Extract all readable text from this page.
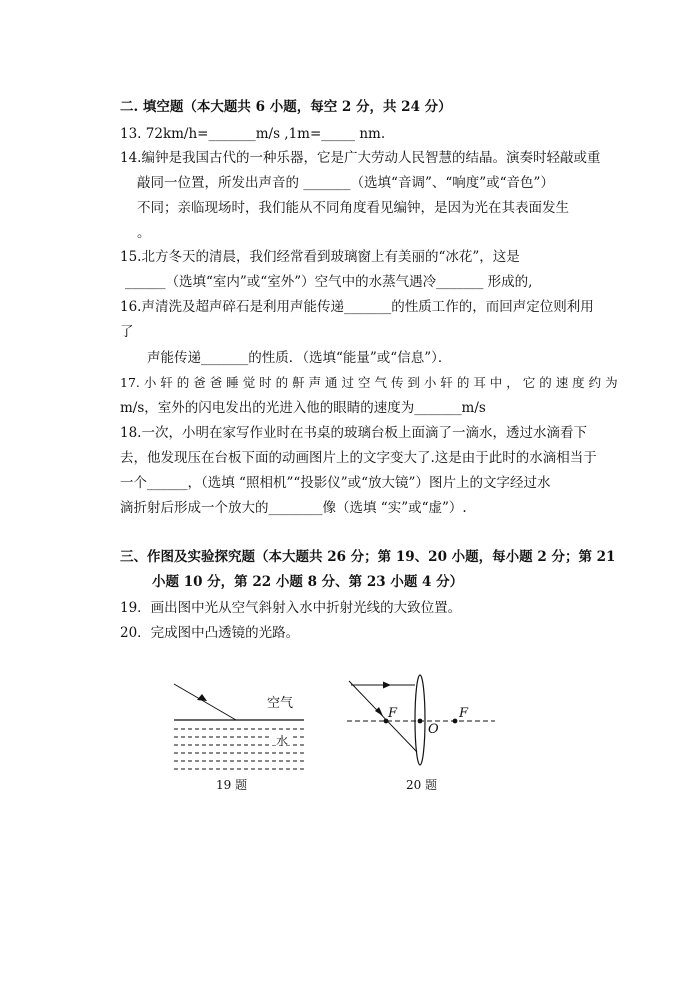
二. 填空题（本大题共 6 小题，每空 2 分，共 24 分）
13. 72km/h=_______m/s ,1m=_____ nm.
14.编钟是我国古代的一种乐器，它是广大劳动人民智慧的结晶。演奏时轻敲或重
敲同一位置，所发出声音的 _______（选填“音调”、“响度”或“音色”）
不同；亲临现场时，我们能从不同角度看见编钟，是因为光在其表面发生
。
15.北方冬天的清晨，我们经常看到玻璃窗上有美丽的“冰花”，这是
______（选填“室内”或“室外”）空气中的水蒸气遇冷_______ 形成的,
16.声清洗及超声碎石是利用声能传递_______的性质工作的，而回声定位则利用
了
声能传递_______的性质．（选填“能量”或“信息”）．
17. 小 轩 的 爸 爸 睡 觉 时 的 鼾 声 通 过 空 气 传 到 小 轩 的 耳 中 ， 它 的 速 度 约 为
m/s，室外的闪电发出的光进入他的眼睛的速度为_______m/s
18.一次，小明在家写作业时在书桌的玻璃台板上面滴了一滴水，透过水滴看下
去，他发现压在台板下面的动画图片上的文字变大了.这是由于此时的水滴相当于
一个______，（选填 “照相机”“投影仪”或“放大镜”）图片上的文字经过水
滴折射后形成一个放大的________像（选填 “实”或“虚”）.
三、作图及实验探究题（本大题共 26 分；第 19、20 小题，每小题 2 分；第 21
小题 10 分，第 22 小题 8 分、第 23 小题 4 分）
19．画出图中光从空气斜射入水中折射光线的大致位置。
20．完成图中凸透镜的光路。
空气
水
19 题
F	F
O
20 题
